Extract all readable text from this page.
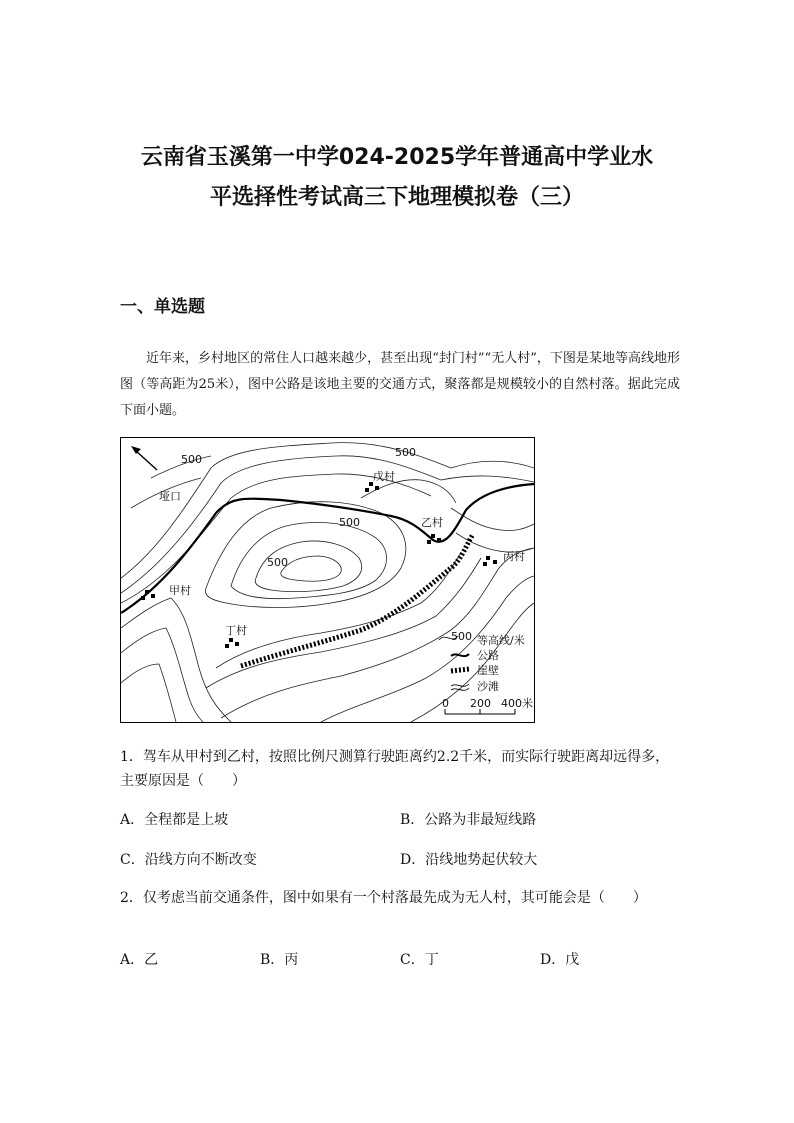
云南省玉溪第一中学024-2025学年普通高中学业水
平选择性考试高三下地理模拟卷（三）
一、单选题

近年来，乡村地区的常住人口越来越少，甚至出现“封门村”“无人村”，下图是某地等高线地形图（等高距为25米），图中公路是该地主要的交通方式，聚落都是规模较小的自然村落。据此完成下面小题。

垭口
甲村
乙村
丙村
丁村
戊村
500
500
500
500
500 等高线/米
公路
崖壁
沙滩
0 200 400米
1．驾车从甲村到乙村，按照比例尺测算行驶距离约2.2千米，而实际行驶距离却远得多，主要原因是（　　）
A．全程都是上坡	B．公路为非最短线路
C．沿线方向不断改变	D．沿线地势起伏较大
2．仅考虑当前交通条件，图中如果有一个村落最先成为无人村，其可能会是（　　）
A．乙	B．丙	C．丁	D．戊
